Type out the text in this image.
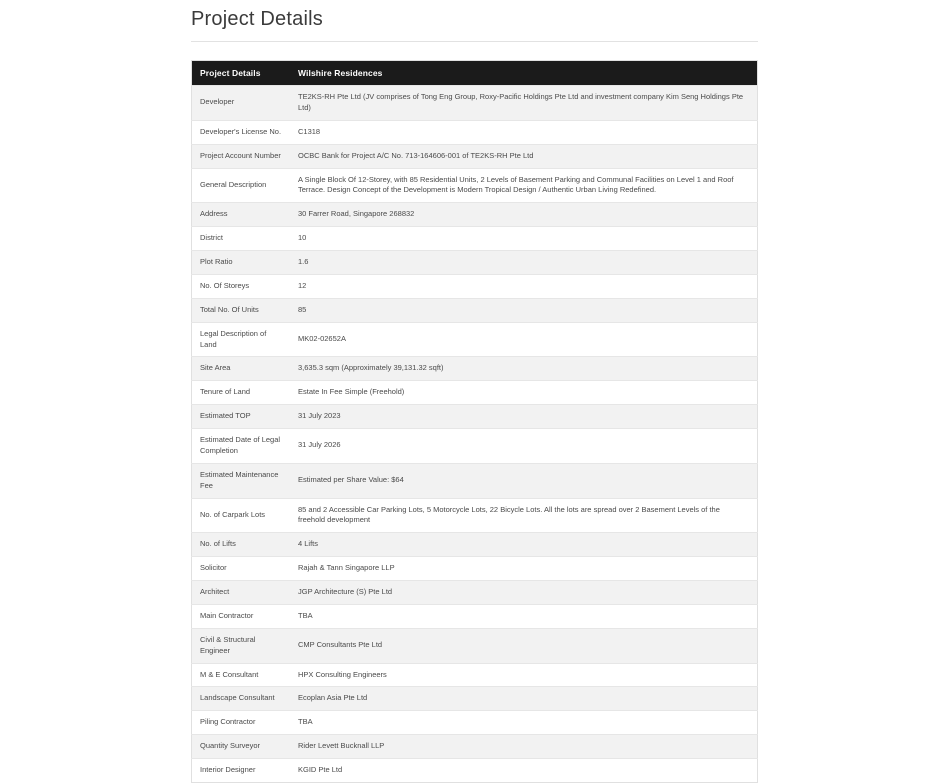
Project Details
Project Details	Wilshire Residences
Developer	TE2KS-RH Pte Ltd (JV comprises of Tong Eng Group, Roxy-Pacific Holdings Pte Ltd and investment company Kim Seng Holdings Pte Ltd)
Developer's License No.	C1318
Project Account Number	OCBC Bank for Project A/C No. 713-164606-001 of TE2KS-RH Pte Ltd
General Description	A Single Block Of 12-Storey, with 85 Residential Units, 2 Levels of Basement Parking and Communal Facilities on Level 1 and Roof Terrace. Design Concept of the Development is Modern Tropical Design / Authentic Urban Living Redefined.
Address	30 Farrer Road, Singapore 268832
District	10
Plot Ratio	1.6
No. Of Storeys	12
Total No. Of Units	85
Legal Description of Land	MK02-02652A
Site Area	3,635.3 sqm (Approximately 39,131.32 sqft)
Tenure of Land	Estate In Fee Simple (Freehold)
Estimated TOP	31 July 2023
Estimated Date of Legal Completion	31 July 2026
Estimated Maintenance Fee	Estimated per Share Value: $64
No. of Carpark Lots	85 and 2 Accessible Car Parking Lots, 5 Motorcycle Lots, 22 Bicycle Lots. All the lots are spread over 2 Basement Levels of the freehold development
No. of Lifts	4 Lifts
Solicitor	Rajah & Tann Singapore LLP
Architect	JGP Architecture (S) Pte Ltd
Main Contractor	TBA
Civil & Structural Engineer	CMP Consultants Pte Ltd
M & E Consultant	HPX Consulting Engineers
Landscape Consultant	Ecoplan Asia Pte Ltd
Piling Contractor	TBA
Quantity Surveyor	Rider Levett Bucknall LLP
Interior Designer	KGID Pte Ltd
